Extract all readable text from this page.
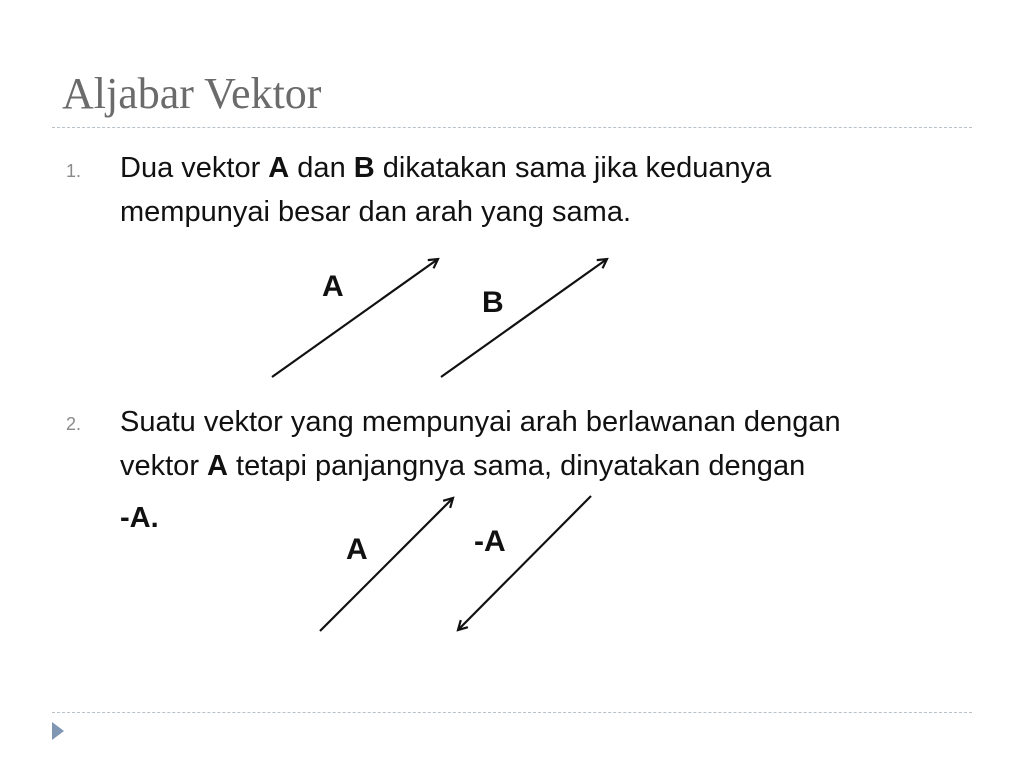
Aljabar Vektor
1. Dua vektor A dan B dikatakan sama jika keduanya
mempunyai besar dan arah yang sama.
A	B
2. Suatu vektor yang mempunyai arah berlawanan dengan
vektor A tetapi panjangnya sama, dinyatakan dengan
-A.
A	-A
